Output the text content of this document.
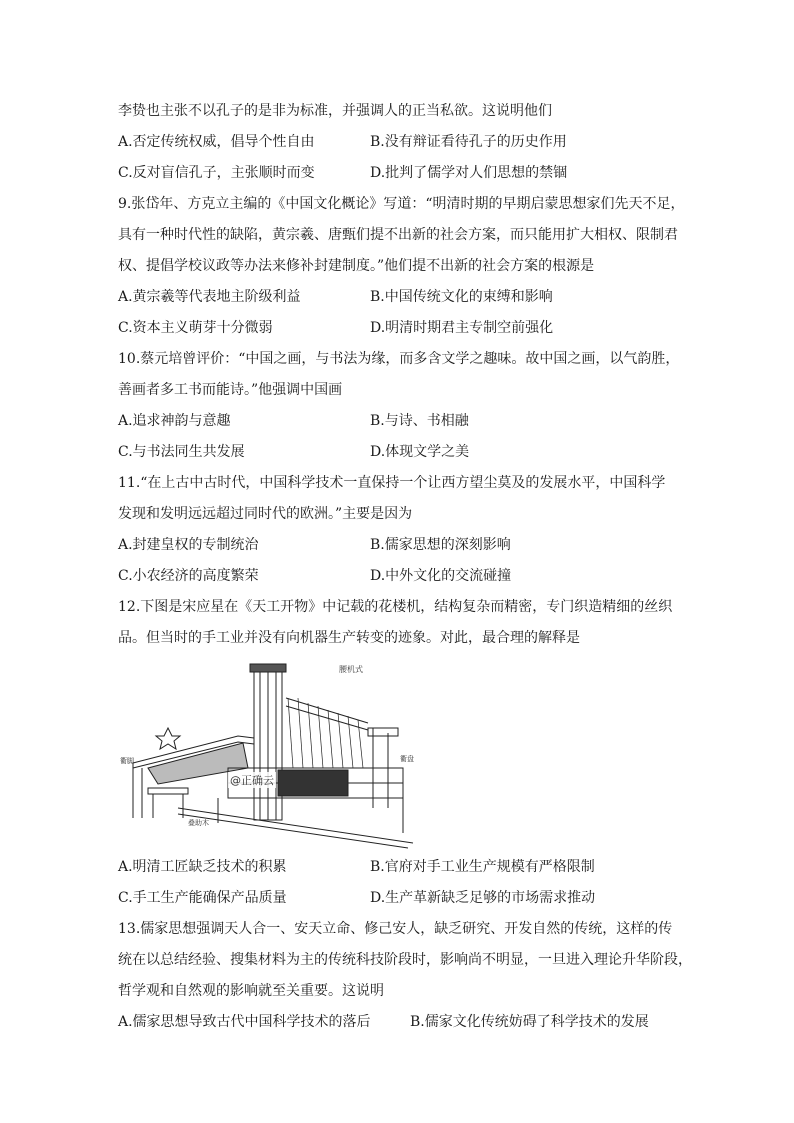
李贽也主张不以孔子的是非为标准，并强调人的正当私欲。这说明他们
A.否定传统权威，倡导个性自由	B.没有辩证看待孔子的历史作用
C.反对盲信孔子，主张顺时而变	D.批判了儒学对人们思想的禁锢
9.张岱年、方克立主编的《中国文化概论》写道：“明清时期的早期启蒙思想家们先天不足，
具有一种时代性的缺陷，黄宗羲、唐甄们提不出新的社会方案，而只能用扩大相权、限制君
权、提倡学校议政等办法来修补封建制度。”他们提不出新的社会方案的根源是
A.黄宗羲等代表地主阶级利益	B.中国传统文化的束缚和影响
C.资本主义萌芽十分微弱	D.明清时期君主专制空前强化
10.蔡元培曾评价：“中国之画，与书法为缘，而多含文学之趣味。故中国之画，以气韵胜，
善画者多工书而能诗。”他强调中国画
A.追求神韵与意趣	B.与诗、书相融
C.与书法同生共发展	D.体现文学之美
11.“在上古中古时代，中国科学技术一直保持一个让西方望尘莫及的发展水平，中国科学
发现和发明远远超过同时代的欧洲。”主要是因为
A.封建皇权的专制统治	B.儒家思想的深刻影响
C.小农经济的高度繁荣	D.中外文化的交流碰撞
12.下图是宋应星在《天工开物》中记载的花楼机，结构复杂而精密，专门织造精细的丝织
品。但当时的手工业并没有向机器生产转变的迹象。对此，最合理的解释是
腰机式
衢脚
叠助木
衢盘
@正确云
A.明清工匠缺乏技术的积累	B.官府对手工业生产规模有严格限制
C.手工生产能确保产品质量	D.生产革新缺乏足够的市场需求推动
13.儒家思想强调天人合一、安天立命、修己安人，缺乏研究、开发自然的传统，这样的传
统在以总结经验、搜集材料为主的传统科技阶段时，影响尚不明显，一旦进入理论升华阶段，
哲学观和自然观的影响就至关重要。这说明
A.儒家思想导致古代中国科学技术的落后	B.儒家文化传统妨碍了科学技术的发展
